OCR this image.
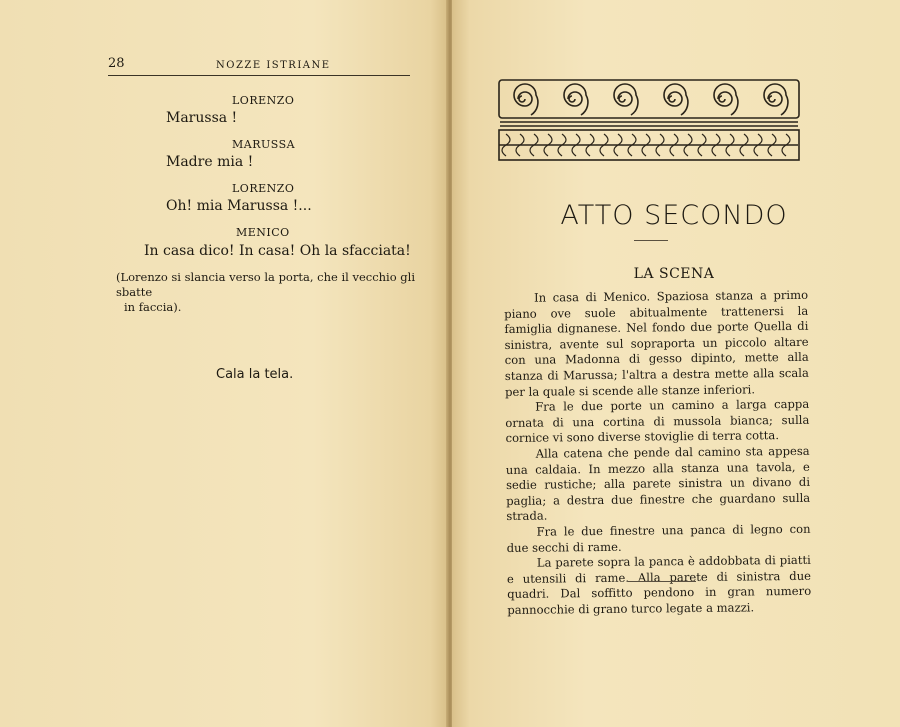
28	NOZZE ISTRIANE
LORENZO
Marussa !
MARUSSA
Madre mia !
LORENZO
Oh! mia Marussa !...
MENICO
In casa dico! In casa! Oh la sfacciata!
(Lorenzo si slancia verso la porta, che il vecchio gli sbatte
in faccia).
Cala la tela.
ATTO SECONDO
LA SCENA

In casa di Menico. Spaziosa stanza a primo piano ove suole abitualmente trattenersi la famiglia dignanese. Nel fondo due porte Quella di sinistra, avente sul sopraporta un piccolo altare con una Madonna di gesso dipinto, mette alla stanza di Marussa; l'altra a destra mette alla scala per la quale si scende alle stanze inferiori.

Fra le due porte un camino a larga cappa ornata di una cortina di mussola bianca; sulla cornice vi sono diverse stoviglie di terra cotta.

Alla catena che pende dal camino sta appesa una caldaia. In mezzo alla stanza una tavola, e sedie rustiche; alla parete sinistra un divano di paglia; a destra due finestre che guardano sulla strada.

Fra le due finestre una panca di legno con due secchi di rame.

La parete sopra la panca è addobbata di piatti e utensili di rame. Alla parete di sinistra due quadri. Dal soffitto pendono in gran numero pannocchie di grano turco legate a mazzi.
